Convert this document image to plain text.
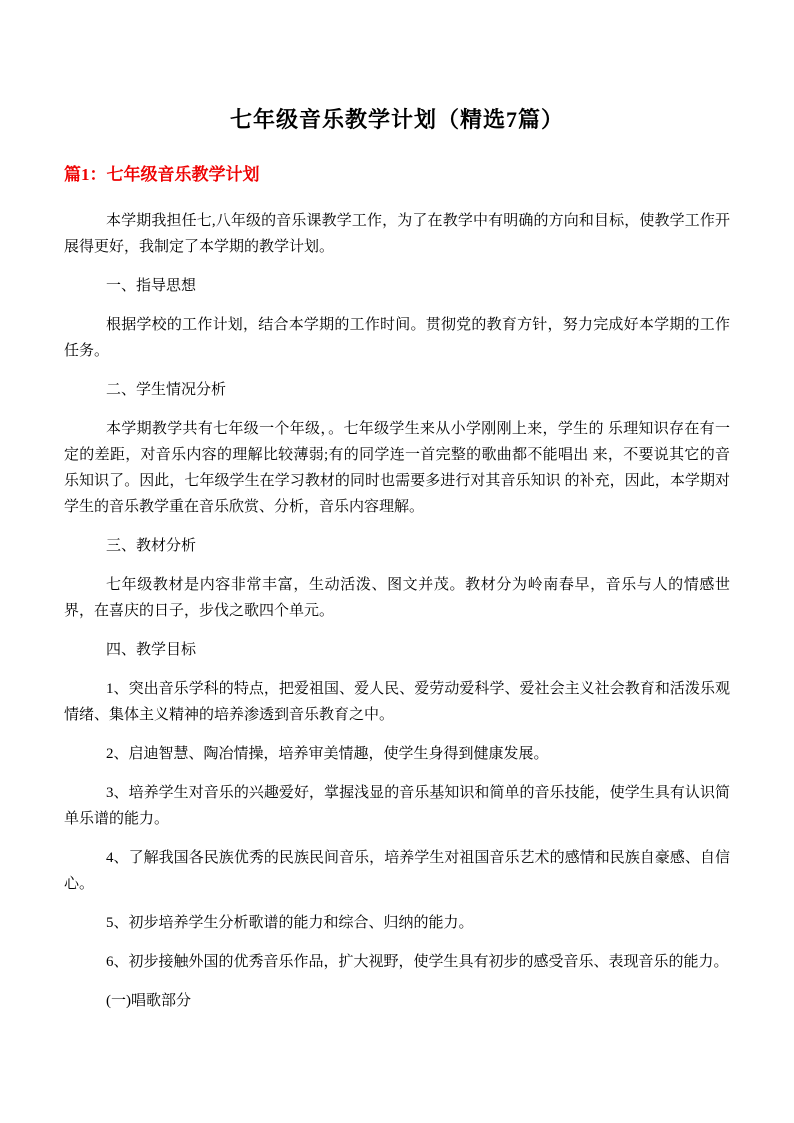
七年级音乐教学计划（精选7篇）
篇1：七年级音乐教学计划

本学期我担任七,八年级的音乐课教学工作，为了在教学中有明确的方向和目标，使教学工作开展得更好，我制定了本学期的教学计划。

一、指导思想

根据学校的工作计划，结合本学期的工作时间。贯彻党的教育方针，努力完成好本学期的工作任务。

二、学生情况分析

本学期教学共有七年级一个年级，。七年级学生来从小学刚刚上来，学生的 乐理知识存在有一定的差距，对音乐内容的理解比较薄弱;有的同学连一首完整的歌曲都不能唱出 来，不要说其它的音乐知识了。因此，七年级学生在学习教材的同时也需要多进行对其音乐知识 的补充，因此，本学期对学生的音乐教学重在音乐欣赏、分析，音乐内容理解。

三、教材分析

七年级教材是内容非常丰富，生动活泼、图文并茂。教材分为岭南春早，音乐与人的情感世界，在喜庆的日子，步伐之歌四个单元。

四、教学目标

1、突出音乐学科的特点，把爱祖国、爱人民、爱劳动爱科学、爱社会主义社会教育和活泼乐观情绪、集体主义精神的培养渗透到音乐教育之中。

2、启迪智慧、陶冶情操，培养审美情趣，使学生身得到健康发展。

3、培养学生对音乐的兴趣爱好，掌握浅显的音乐基知识和简单的音乐技能，使学生具有认识简单乐谱的能力。

4、了解我国各民族优秀的民族民间音乐，培养学生对祖国音乐艺术的感情和民族自豪感、自信心。

5、初步培养学生分析歌谱的能力和综合、归纳的能力。

6、初步接触外国的优秀音乐作品，扩大视野，使学生具有初步的感受音乐、表现音乐的能力。

(一)唱歌部分
